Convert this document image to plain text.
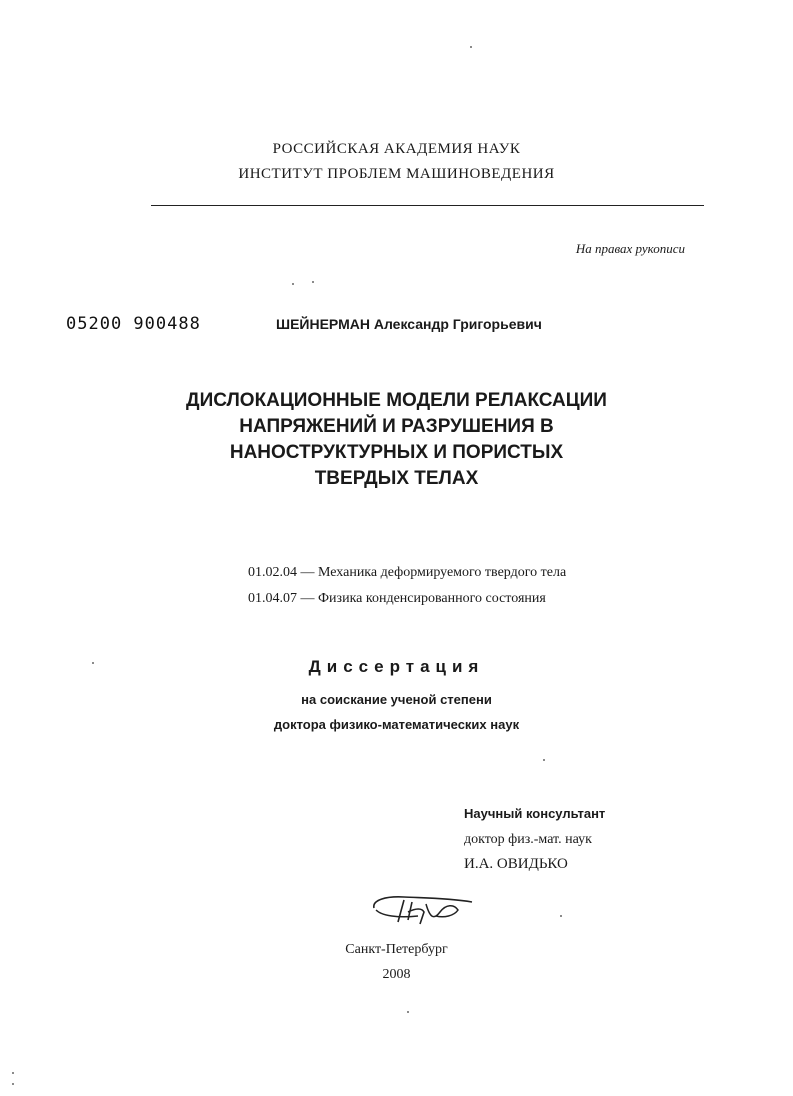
РОССИЙСКАЯ АКАДЕМИЯ НАУК
ИНСТИТУТ ПРОБЛЕМ МАШИНОВЕДЕНИЯ
На правах рукописи
05200 900488	ШЕЙНЕРМАН Александр Григорьевич
ДИСЛОКАЦИОННЫЕ МОДЕЛИ РЕЛАКСАЦИИ
НАПРЯЖЕНИЙ И РАЗРУШЕНИЯ В
НАНОСТРУКТУРНЫХ И ПОРИСТЫХ
ТВЕРДЫХ ТЕЛАХ
01.02.04 — Механика деформируемого твердого тела
01.04.07 — Физика конденсированного состояния
Диссертация
на соискание ученой степени
доктора физико-математических наук
Научный консультант
доктор физ.-мат. наук
И.А. ОВИДЬКО
Санкт-Петербург
2008
